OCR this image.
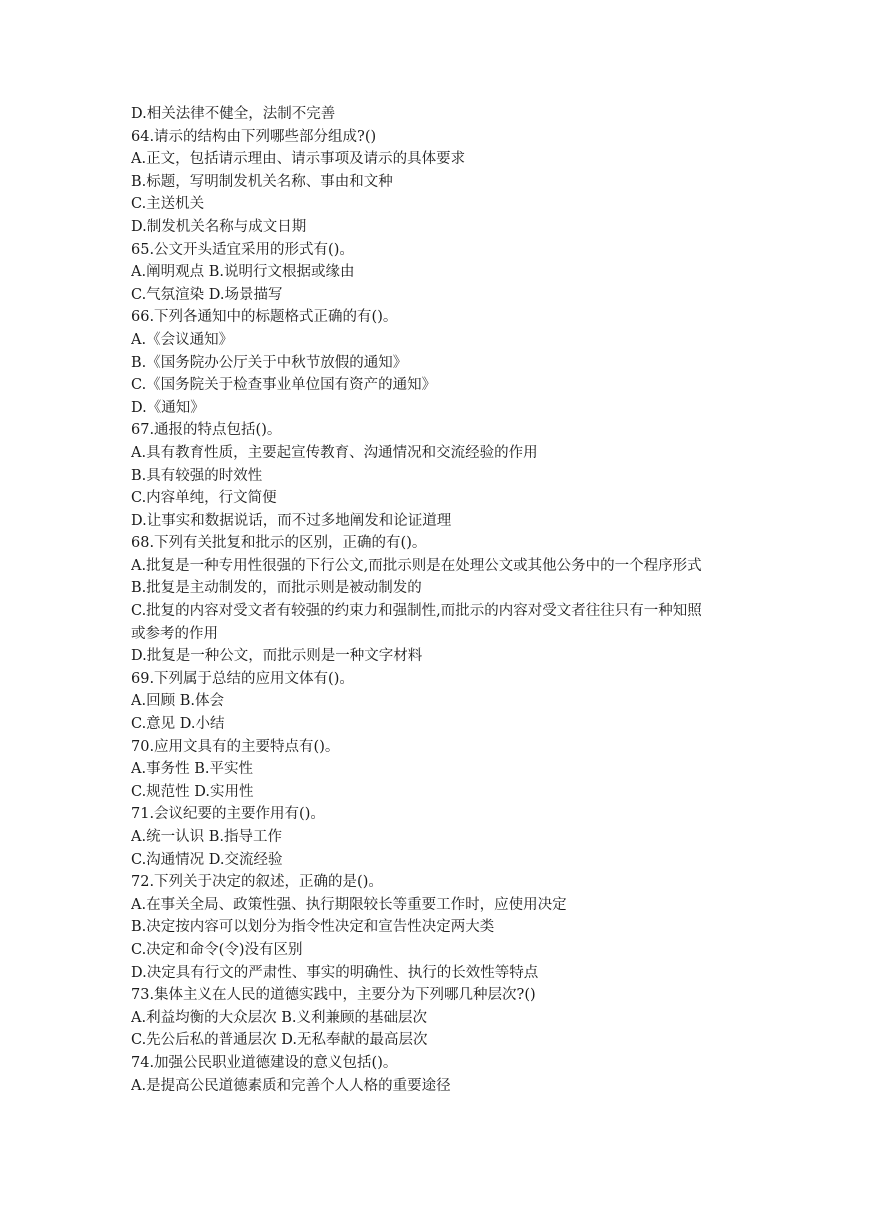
D.相关法律不健全，法制不完善
64.请示的结构由下列哪些部分组成?()
A.正文，包括请示理由、请示事项及请示的具体要求
B.标题，写明制发机关名称、事由和文种
C.主送机关
D.制发机关名称与成文日期
65.公文开头适宜采用的形式有()。
A.阐明观点 B.说明行文根据或缘由
C.气氛渲染 D.场景描写
66.下列各通知中的标题格式正确的有()。
A.《会议通知》
B.《国务院办公厅关于中秋节放假的通知》
C.《国务院关于检查事业单位国有资产的通知》
D.《通知》
67.通报的特点包括()。
A.具有教育性质，主要起宣传教育、沟通情况和交流经验的作用
B.具有较强的时效性
C.内容单纯，行文简便
D.让事实和数据说话，而不过多地阐发和论证道理
68.下列有关批复和批示的区别，正确的有()。
A.批复是一种专用性很强的下行公文,而批示则是在处理公文或其他公务中的一个程序形式
B.批复是主动制发的，而批示则是被动制发的
C.批复的内容对受文者有较强的约束力和强制性,而批示的内容对受文者往往只有一种知照
或参考的作用
D.批复是一种公文，而批示则是一种文字材料
69.下列属于总结的应用文体有()。
A.回顾 B.体会
C.意见 D.小结
70.应用文具有的主要特点有()。
A.事务性 B.平实性
C.规范性 D.实用性
71.会议纪要的主要作用有()。
A.统一认识 B.指导工作
C.沟通情况 D.交流经验
72.下列关于决定的叙述，正确的是()。
A.在事关全局、政策性强、执行期限较长等重要工作时，应使用决定
B.决定按内容可以划分为指令性决定和宣告性决定两大类
C.决定和命令(令)没有区别
D.决定具有行文的严肃性、事实的明确性、执行的长效性等特点
73.集体主义在人民的道德实践中，主要分为下列哪几种层次?()
A.利益均衡的大众层次 B.义利兼顾的基础层次
C.先公后私的普通层次 D.无私奉献的最高层次
74.加强公民职业道德建设的意义包括()。
A.是提高公民道德素质和完善个人人格的重要途径
